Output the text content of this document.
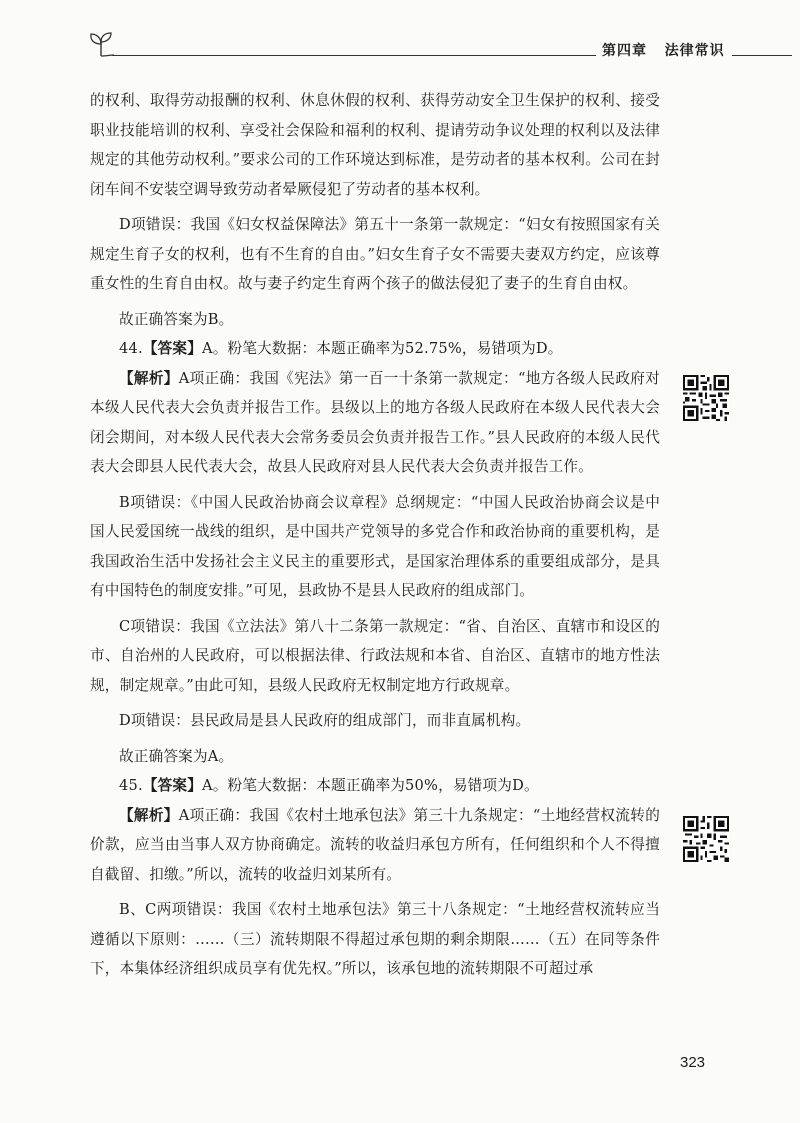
第四章 法律常识

的权利、取得劳动报酬的权利、休息休假的权利、获得劳动安全卫生保护的权利、接受职业技能培训的权利、享受社会保险和福利的权利、提请劳动争议处理的权利以及法律规定的其他劳动权利。”要求公司的工作环境达到标准，是劳动者的基本权利。公司在封闭车间不安装空调导致劳动者晕厥侵犯了劳动者的基本权利。

D项错误：我国《妇女权益保障法》第五十一条第一款规定：“妇女有按照国家有关规定生育子女的权利，也有不生育的自由。”妇女生育子女不需要夫妻双方约定，应该尊重女性的生育自由权。故与妻子约定生育两个孩子的做法侵犯了妻子的生育自由权。

故正确答案为B。

44.【答案】A。粉笔大数据：本题正确率为52.75%，易错项为D。

【解析】A项正确：我国《宪法》第一百一十条第一款规定：“地方各级人民政府对本级人民代表大会负责并报告工作。县级以上的地方各级人民政府在本级人民代表大会闭会期间，对本级人民代表大会常务委员会负责并报告工作。”县人民政府的本级人民代表大会即县人民代表大会，故县人民政府对县人民代表大会负责并报告工作。

B项错误：《中国人民政治协商会议章程》总纲规定：“中国人民政治协商会议是中国人民爱国统一战线的组织，是中国共产党领导的多党合作和政治协商的重要机构，是我国政治生活中发扬社会主义民主的重要形式，是国家治理体系的重要组成部分，是具有中国特色的制度安排。”可见，县政协不是县人民政府的组成部门。

C项错误：我国《立法法》第八十二条第一款规定：“省、自治区、直辖市和设区的市、自治州的人民政府，可以根据法律、行政法规和本省、自治区、直辖市的地方性法规，制定规章。”由此可知，县级人民政府无权制定地方行政规章。

D项错误：县民政局是县人民政府的组成部门，而非直属机构。

故正确答案为A。

45.【答案】A。粉笔大数据：本题正确率为50%，易错项为D。

【解析】A项正确：我国《农村土地承包法》第三十九条规定：“土地经营权流转的价款，应当由当事人双方协商确定。流转的收益归承包方所有，任何组织和个人不得擅自截留、扣缴。”所以，流转的收益归刘某所有。

B、C两项错误：我国《农村土地承包法》第三十八条规定：“土地经营权流转应当遵循以下原则：……（三）流转期限不得超过承包期的剩余期限……（五）在同等条件下，本集体经济组织成员享有优先权。”所以，该承包地的流转期限不可超过承

323
